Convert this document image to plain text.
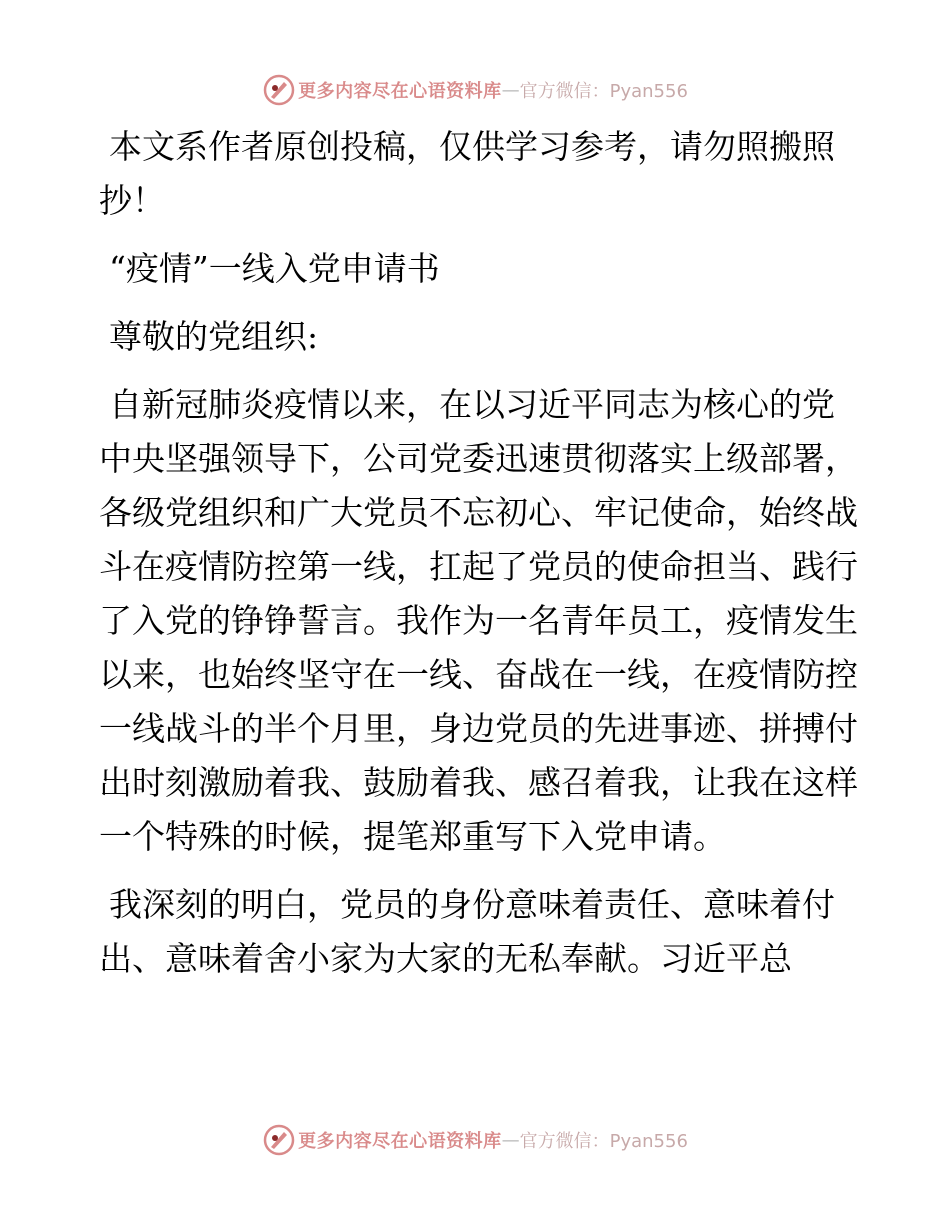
更多内容尽在心语资料库 — 官方微信：Pyan556

本文系作者原创投稿，仅供学习参考，请勿照搬照抄！

“疫情”一线入党申请书

尊敬的党组织:

自新冠肺炎疫情以来，在以习近平同志为核心的党中央坚强领导下，公司党委迅速贯彻落实上级部署，各级党组织和广大党员不忘初心、牢记使命，始终战斗在疫情防控第一线，扛起了党员的使命担当、践行了入党的铮铮誓言。我作为一名青年员工，疫情发生以来，也始终坚守在一线、奋战在一线，在疫情防控一线战斗的半个月里，身边党员的先进事迹、拼搏付出时刻激励着我、鼓励着我、感召着我，让我在这样一个特殊的时候，提笔郑重写下入党申请。

我深刻的明白，党员的身份意味着责任、意味着付出、意味着舍小家为大家的无私奉献。习近平总

更多内容尽在心语资料库 — 官方微信：Pyan556
